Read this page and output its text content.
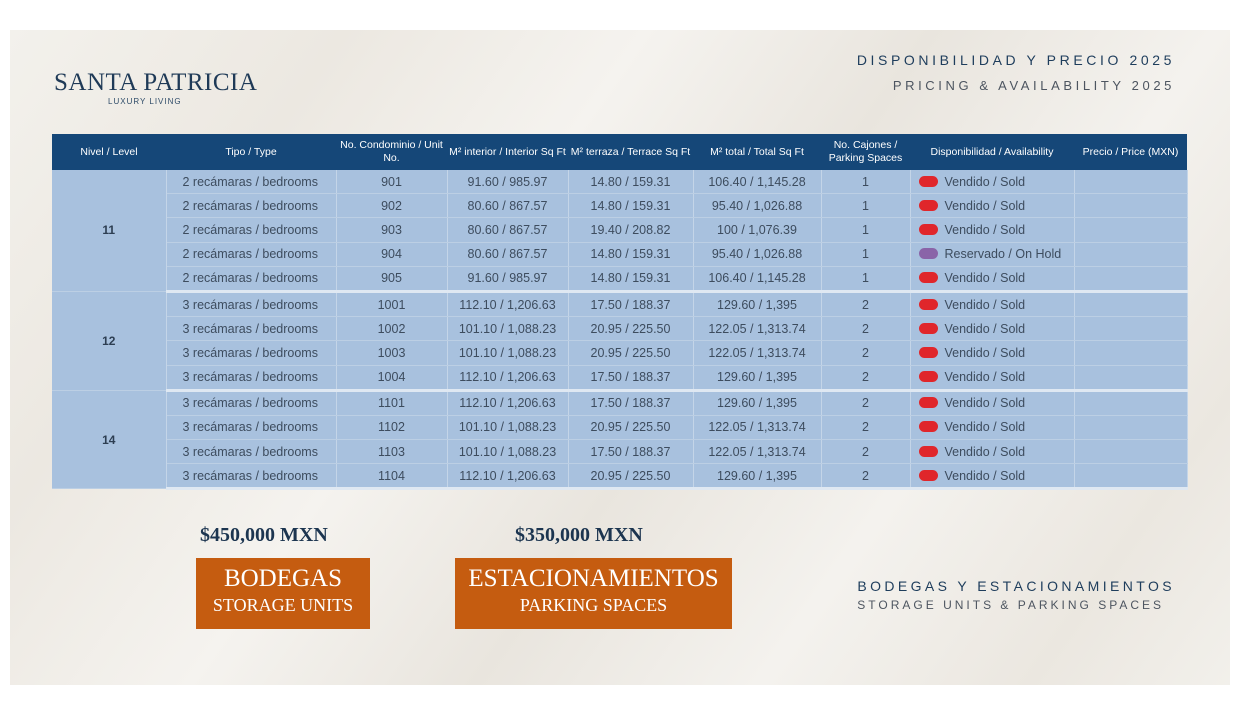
SANTA PATRICIA
LUXURY LIVING
DISPONIBILIDAD Y PRECIO 2025
PRICING & AVAILABILITY 2025
Nivel / Level	Tipo / Type	No. Condominio / Unit No.	M² interior / Interior Sq Ft	M² terraza / Terrace Sq Ft	M² total / Total Sq Ft	No. Cajones / Parking Spaces	Disponibilidad / Availability	Precio / Price (MXN)
11	2 recámaras / bedrooms	901	91.60 / 985.97	14.80 / 159.31	106.40 / 1,145.28	1	Vendido / Sold	
	2 recámaras / bedrooms	902	80.60 / 867.57	14.80 / 159.31	95.40 / 1,026.88	1	Vendido / Sold	
	2 recámaras / bedrooms	903	80.60 / 867.57	19.40 / 208.82	100 / 1,076.39	1	Vendido / Sold	
	2 recámaras / bedrooms	904	80.60 / 867.57	14.80 / 159.31	95.40 / 1,026.88	1	Reservado / On Hold	
	2 recámaras / bedrooms	905	91.60 / 985.97	14.80 / 159.31	106.40 / 1,145.28	1	Vendido / Sold	
12	3 recámaras / bedrooms	1001	112.10 / 1,206.63	17.50 / 188.37	129.60 / 1,395	2	Vendido / Sold	
	3 recámaras / bedrooms	1002	101.10 / 1,088.23	20.95 / 225.50	122.05 / 1,313.74	2	Vendido / Sold	
	3 recámaras / bedrooms	1003	101.10 / 1,088.23	20.95 / 225.50	122.05 / 1,313.74	2	Vendido / Sold	
	3 recámaras / bedrooms	1004	112.10 / 1,206.63	17.50 / 188.37	129.60 / 1,395	2	Vendido / Sold	
14	3 recámaras / bedrooms	1101	112.10 / 1,206.63	17.50 / 188.37	129.60 / 1,395	2	Vendido / Sold	
	3 recámaras / bedrooms	1102	101.10 / 1,088.23	20.95 / 225.50	122.05 / 1,313.74	2	Vendido / Sold	
	3 recámaras / bedrooms	1103	101.10 / 1,088.23	17.50 / 188.37	122.05 / 1,313.74	2	Vendido / Sold	
	3 recámaras / bedrooms	1104	112.10 / 1,206.63	20.95 / 225.50	129.60 / 1,395	2	Vendido / Sold	
$450,000 MXN
BODEGAS
STORAGE UNITS
$350,000 MXN
ESTACIONAMIENTOS
PARKING SPACES
BODEGAS Y ESTACIONAMIENTOS
STORAGE UNITS & PARKING SPACES
